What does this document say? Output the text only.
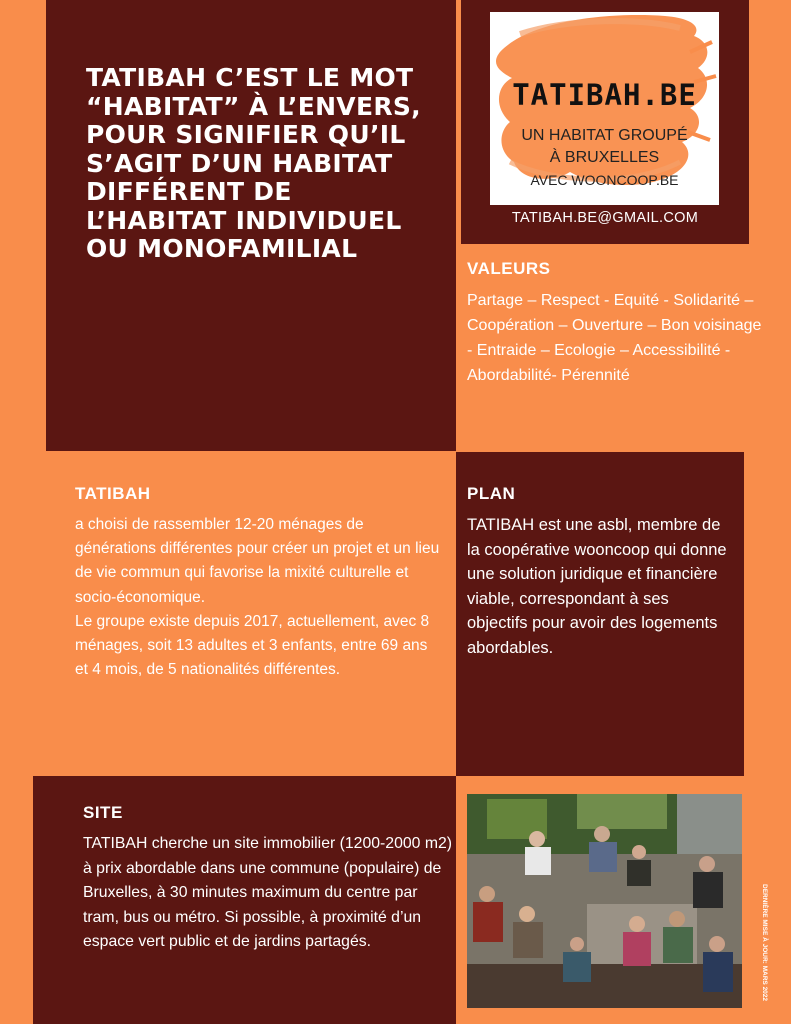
TATIBAH C’EST LE MOT “HABITAT” À L’ENVERS, POUR SIGNIFIER QU’IL S’AGIT D’UN HABITAT DIFFÉRENT DE L’HABITAT INDIVIDUEL OU MONOFAMILIAL
TATIBAH.BE
UN HABITAT GROUPÉ
À BRUXELLES
AVEC WOONCOOP.BE
TATIBAH.BE@GMAIL.COM
VALEURS

Partage – Respect - Equité - Solidarité – Coopération – Ouverture – Bon voisinage - Entraide – Ecologie – Accessibilité - Abordabilité- Pérennité

TATIBAH
a choisi de rassembler 12-20 ménages de générations différentes pour créer un projet et un lieu de vie commun qui favorise la mixité culturelle et socio-économique.
Le groupe existe depuis 2017, actuellement, avec 8 ménages, soit 13 adultes et 3 enfants, entre 69 ans et 4 mois, de 5 nationalités différentes.
PLAN

TATIBAH est une asbl, membre de la coopérative wooncoop qui donne une solution juridique et financière viable, correspondant à ses objectifs pour avoir des logements abordables.

SITE

TATIBAH cherche un site immobilier (1200-2000 m2) à prix abordable dans une commune (populaire) de Bruxelles, à 30 minutes maximum du centre par tram, bus ou métro. Si possible, à proximité d’un espace vert public et de jardins partagés.	DERNIÈRE MISE À JOUR: MARS 2022
